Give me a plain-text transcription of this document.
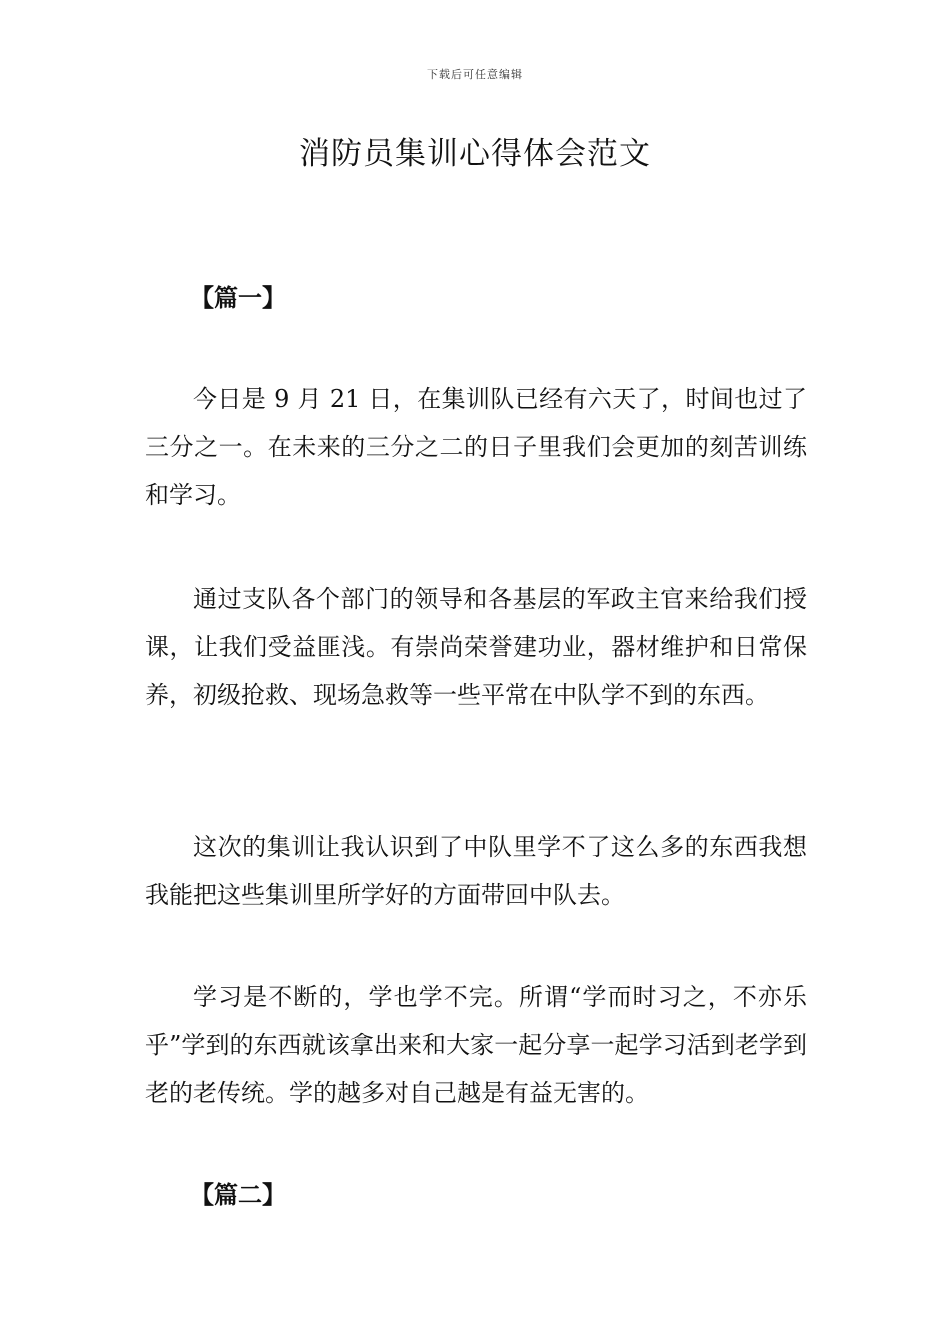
下载后可任意编辑
消防员集训心得体会范文
【篇一】

今日是 9 月 21 日，在集训队已经有六天了，时间也过了三分之一。在未来的三分之二的日子里我们会更加的刻苦训练和学习。

通过支队各个部门的领导和各基层的军政主官来给我们授课，让我们受益匪浅。有崇尚荣誉建功业，器材维护和日常保养，初级抢救、现场急救等一些平常在中队学不到的东西。

这次的集训让我认识到了中队里学不了这么多的东西我想我能把这些集训里所学好的方面带回中队去。

学习是不断的，学也学不完。所谓“学而时习之，不亦乐乎”学到的东西就该拿出来和大家一起分享一起学习活到老学到老的老传统。学的越多对自己越是有益无害的。

【篇二】
